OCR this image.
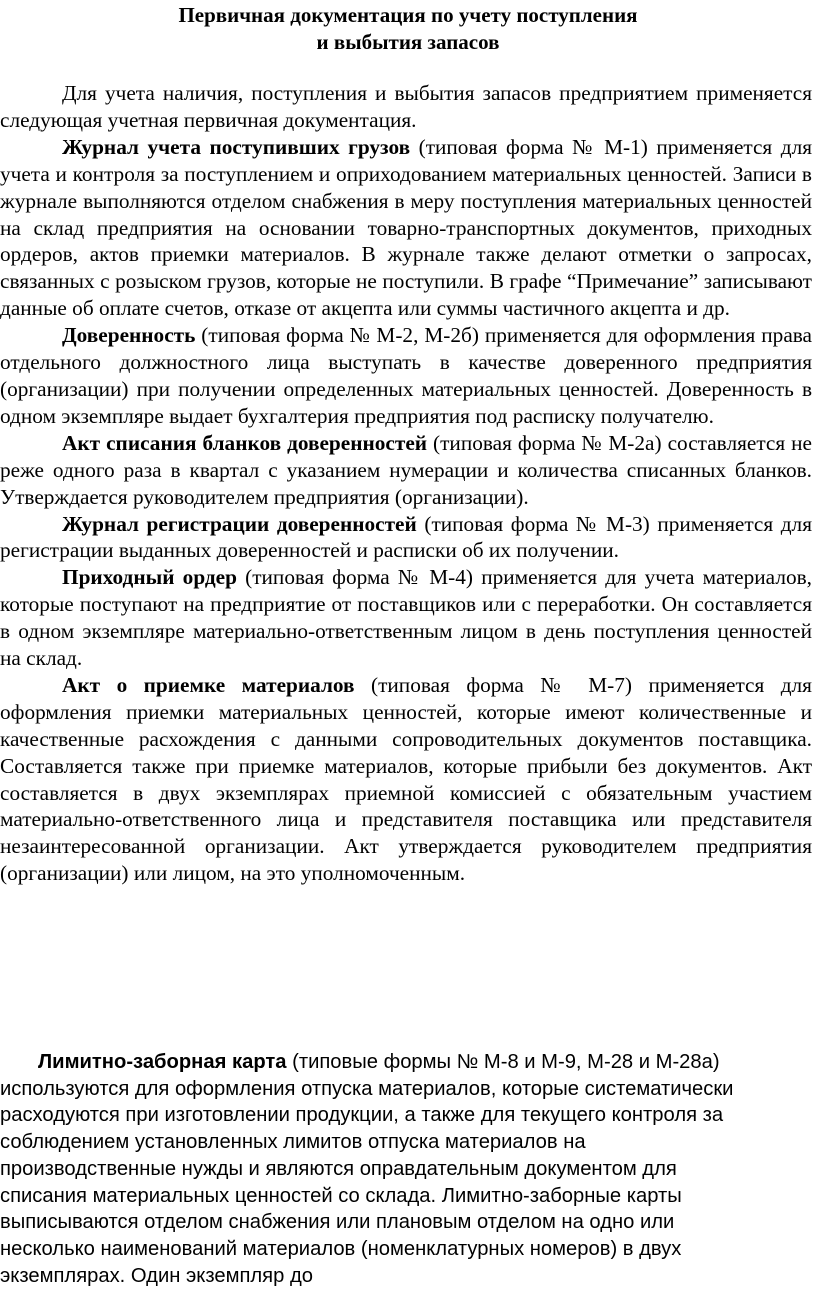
Первичная документация по учету поступления
и выбытия запасов

Для учета наличия, поступления и выбытия запасов предприятием применяется следующая учетная первичная документация.

Журнал учета поступивших грузов (типовая форма № М-1) применяется для учета и контроля за поступлением и оприходованием материальных ценностей. Записи в журнале выполняются отделом снабжения в меру поступления материальных ценностей на склад предприятия на основании товарно-транспортных документов, приходных ордеров, актов приемки материалов. В журнале также делают отметки о запросах, связанных с розыском грузов, которые не поступили. В графе “Примечание” записывают данные об оплате счетов, отказе от акцепта или суммы частичного акцепта и др.

Доверенность (типовая форма № М-2, М-2б) применяется для оформления права отдельного должностного лица выступать в качестве доверенного предприятия (организации) при получении определенных материальных ценностей. Доверенность в одном экземпляре выдает бухгалтерия предприятия под расписку получателю.

Акт списания бланков доверенностей (типовая форма № М-2а) составляется не реже одного раза в квартал с указанием нумерации и количества списанных бланков. Утверждается руководителем предприятия (организации).

Журнал регистрации доверенностей (типовая форма № М-3) применяется для регистрации выданных доверенностей и расписки об их получении.

Приходный ордер (типовая форма № М-4) применяется для учета материалов, которые поступают на предприятие от поставщиков или с переработки. Он составляется в одном экземпляре материально-ответственным лицом в день поступления ценностей на склад.

Акт о приемке материалов (типовая форма № М-7) применяется для оформления приемки материальных ценностей, которые имеют количественные и качественные расхождения с данными сопроводительных документов поставщика. Составляется также при приемке материалов, которые прибыли без документов. Акт составляется в двух экземплярах приемной комиссией с обязательным участием материально-ответственного лица и представителя поставщика или представителя незаинтересованной организации. Акт утверждается руководителем предприятия (организации) или лицом, на это уполномоченным.

Лимитно-заборная карта (типовые формы № М-8 и М-9, М-28 и М-28а)

используются для оформления отпуска материалов, которые систематически
расходуются при изготовлении продукции, а также для текущего контроля за
соблюдением установленных лимитов отпуска материалов на
производственные нужды и являются оправдательным документом для
списания материальных ценностей со склада. Лимитно-заборные карты
выписываются отделом снабжения или плановым отделом на одно или
несколько наименований материалов (номенклатурных номеров) в двух
экземплярах. Один экземпляр до
